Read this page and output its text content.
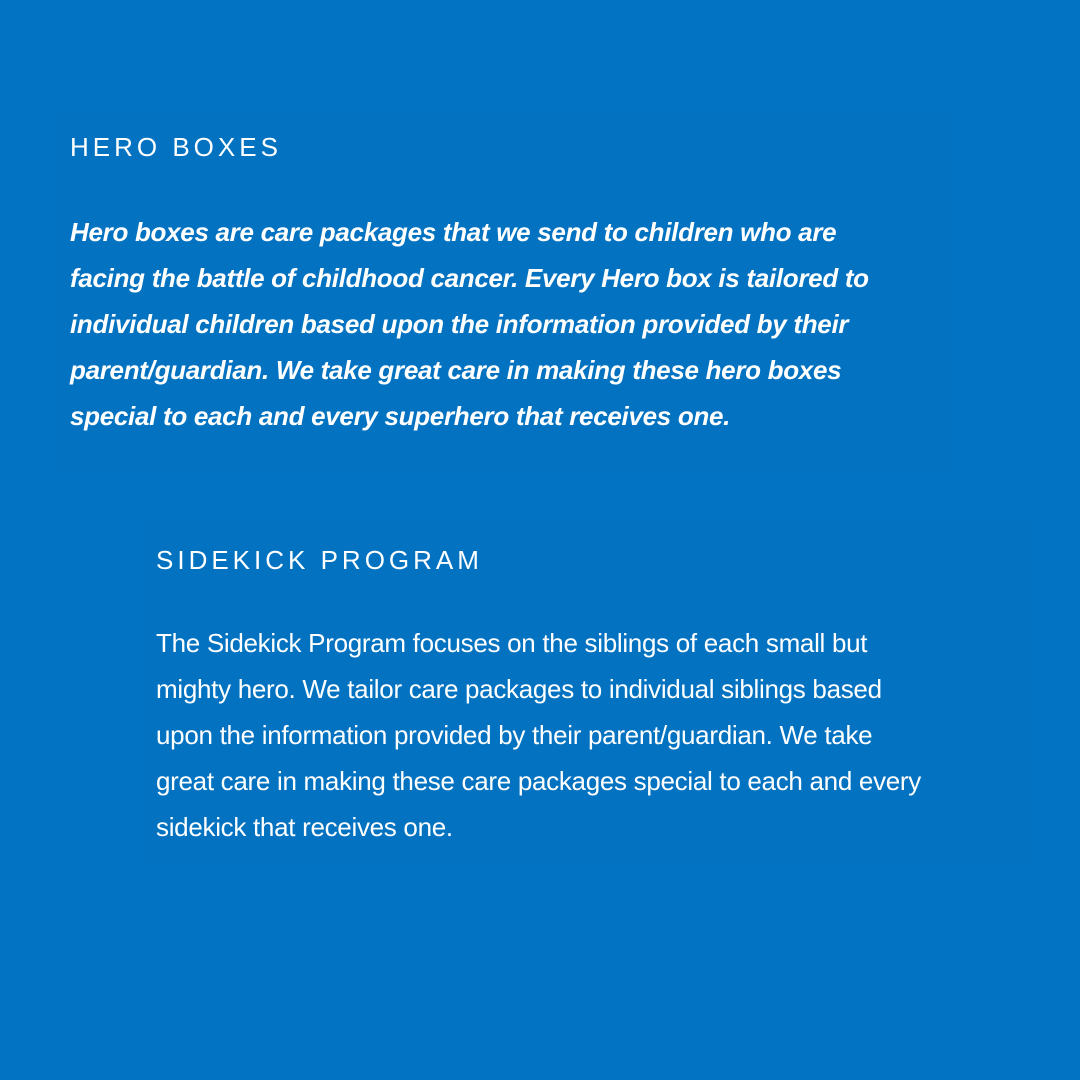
HERO BOXES

Hero boxes are care packages that we send to children who are
facing the battle of childhood cancer. Every Hero box is tailored to
individual children based upon the information provided by their
parent/guardian. We take great care in making these hero boxes
special to each and every superhero that receives one.

SIDEKICK PROGRAM

The Sidekick Program focuses on the siblings of each small but
mighty hero. We tailor care packages to individual siblings based
upon the information provided by their parent/guardian. We take
great care in making these care packages special to each and every
sidekick that receives one.
